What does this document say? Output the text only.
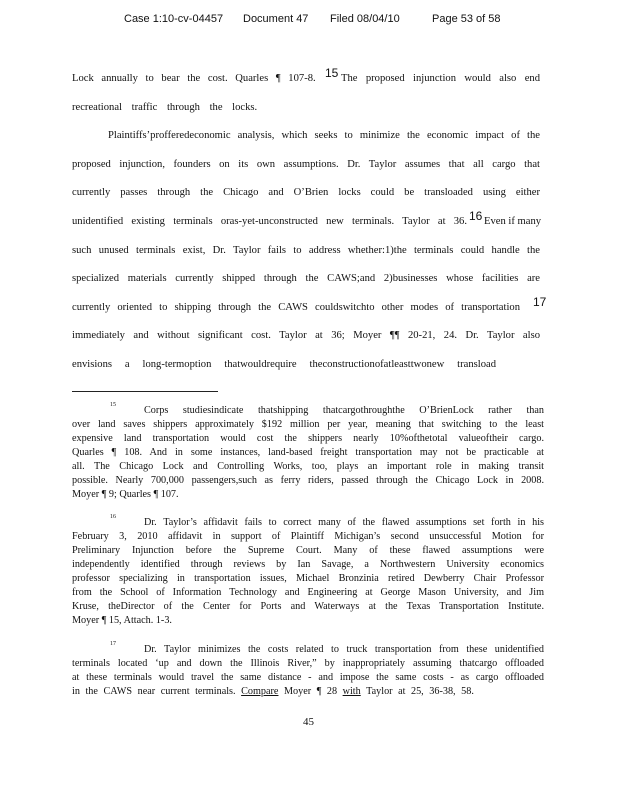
Case 1:10-cv-04457 Document 47 Filed 08/04/10	Page 53 of 58
Lock annually to bear the cost. Quarles ¶ 107-8. 15 The proposed injunction would also end
recreational traffic through the locks.
Plaintiffs’profferedeconomic analysis, which seeks to minimize the economic impact of the
proposed injunction, founders on its own assumptions. Dr. Taylor assumes that all cargo that
currently passes through the Chicago and O’Brien locks could be transloaded using either
unidentified existing terminals oras-yet-unconstructed new terminals. Taylor at 36. 16 Even if many
such unused terminals exist, Dr. Taylor fails to address whether:1)the terminals could handle the
specialized materials currently shipped through the CAWS;and 2)businesses whose facilities are
currently oriented to shipping through the CAWS couldswitchto other modes of transportation 17
immediately and without significant cost. Taylor at 36; Moyer ¶¶ 20-21, 24. Dr. Taylor also
envisions a long-termoption thatwouldrequire theconstructionofatleasttwonew transload
15	Corps studiesindicate thatshipping thatcargothroughthe O’BrienLock rather than
over land saves shippers approximately $192 million per year, meaning that switching to the least
expensive land transportation would cost the shippers nearly 10%ofthetotal valueoftheir cargo.
Quarles ¶ 108. And in some instances, land-based freight transportation may not be practicable at
all. The Chicago Lock and Controlling Works, too, plays an important role in making transit
possible. Nearly 700,000 passengers,such as ferry riders, passed through the Chicago Lock in 2008.
Moyer ¶ 9; Quarles ¶ 107.
16	Dr. Taylor’s affidavit fails to correct many of the flawed assumptions set forth in his
February 3, 2010 affidavit in support of Plaintiff Michigan’s second unsuccessful Motion for
Preliminary Injunction before the Supreme Court. Many of these flawed assumptions were
independently identified through reviews by Ian Savage, a Northwestern University economics
professor specializing in transportation issues, Michael Bronzinia retired Dewberry Chair Professor
from the School of Information Technology and Engineering at George Mason University, and Jim
Kruse, theDirector of the Center for Ports and Waterways at the Texas Transportation Institute.
Moyer ¶ 15, Attach. 1-3.
17	Dr. Taylor minimizes the costs related to truck transportation from these unidentified
terminals located ‘up and down the Illinois River,” by inappropriately assuming thatcargo offloaded
at these terminals would travel the same distance - and impose the same costs - as cargo offloaded
in the CAWS near current terminals. Compare Moyer ¶ 28 with Taylor at 25, 36-38, 58.
45
